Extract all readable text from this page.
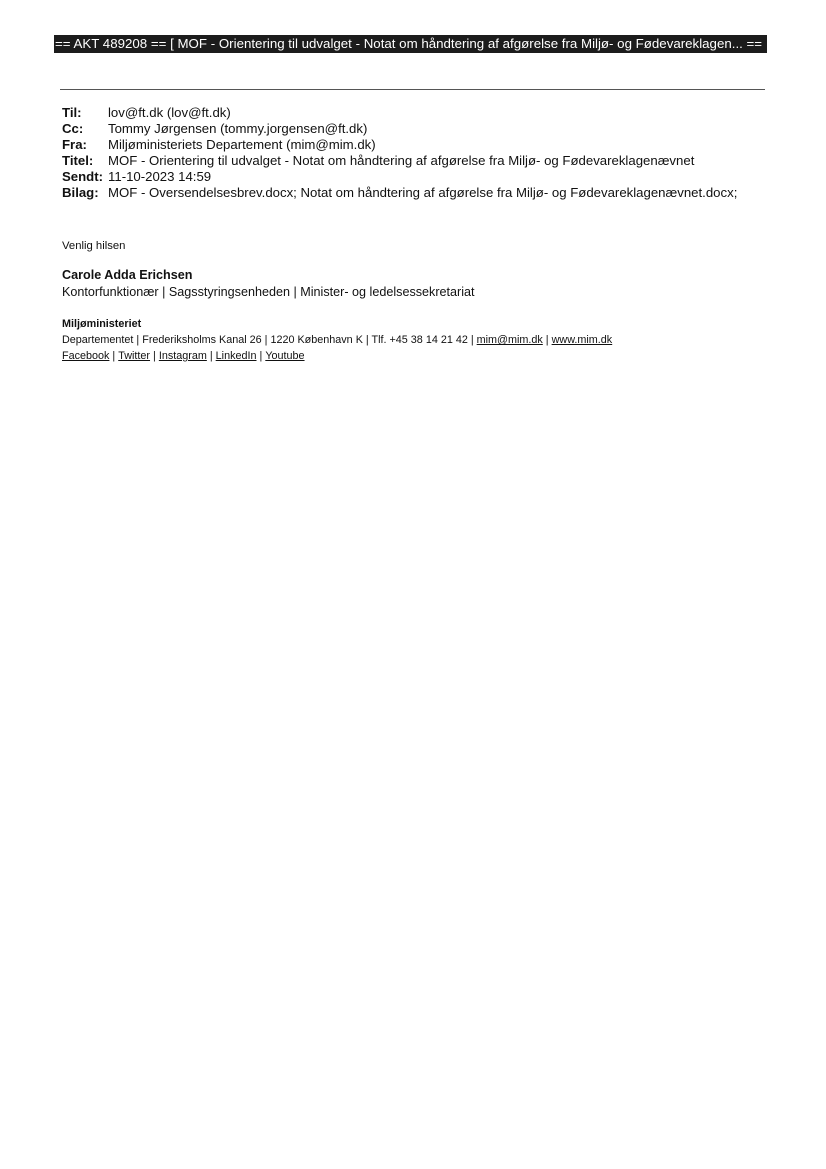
== AKT 489208 == [ MOF - Orientering til udvalget - Notat om håndtering af afgørelse fra Miljø- og Fødevareklagen... ==
Til: lov@ft.dk (lov@ft.dk)
Cc: Tommy Jørgensen (tommy.jorgensen@ft.dk)
Fra: Miljøministeriets Departement (mim@mim.dk)
Titel: MOF - Orientering til udvalget - Notat om håndtering af afgørelse fra Miljø- og Fødevareklagenævnet
Sendt: 11-10-2023 14:59
Bilag: MOF - Oversendelsesbrev.docx; Notat om håndtering af afgørelse fra Miljø- og Fødevareklagenævnet.docx;
Venlig hilsen
Carole Adda Erichsen
Kontorfunktionær | Sagsstyringsenheden | Minister- og ledelsessekretariat
Miljøministeriet
Departementet | Frederiksholms Kanal 26 | 1220 København K | Tlf. +45 38 14 21 42 | mim@mim.dk | www.mim.dk
Facebook | Twitter | Instagram | LinkedIn | Youtube
